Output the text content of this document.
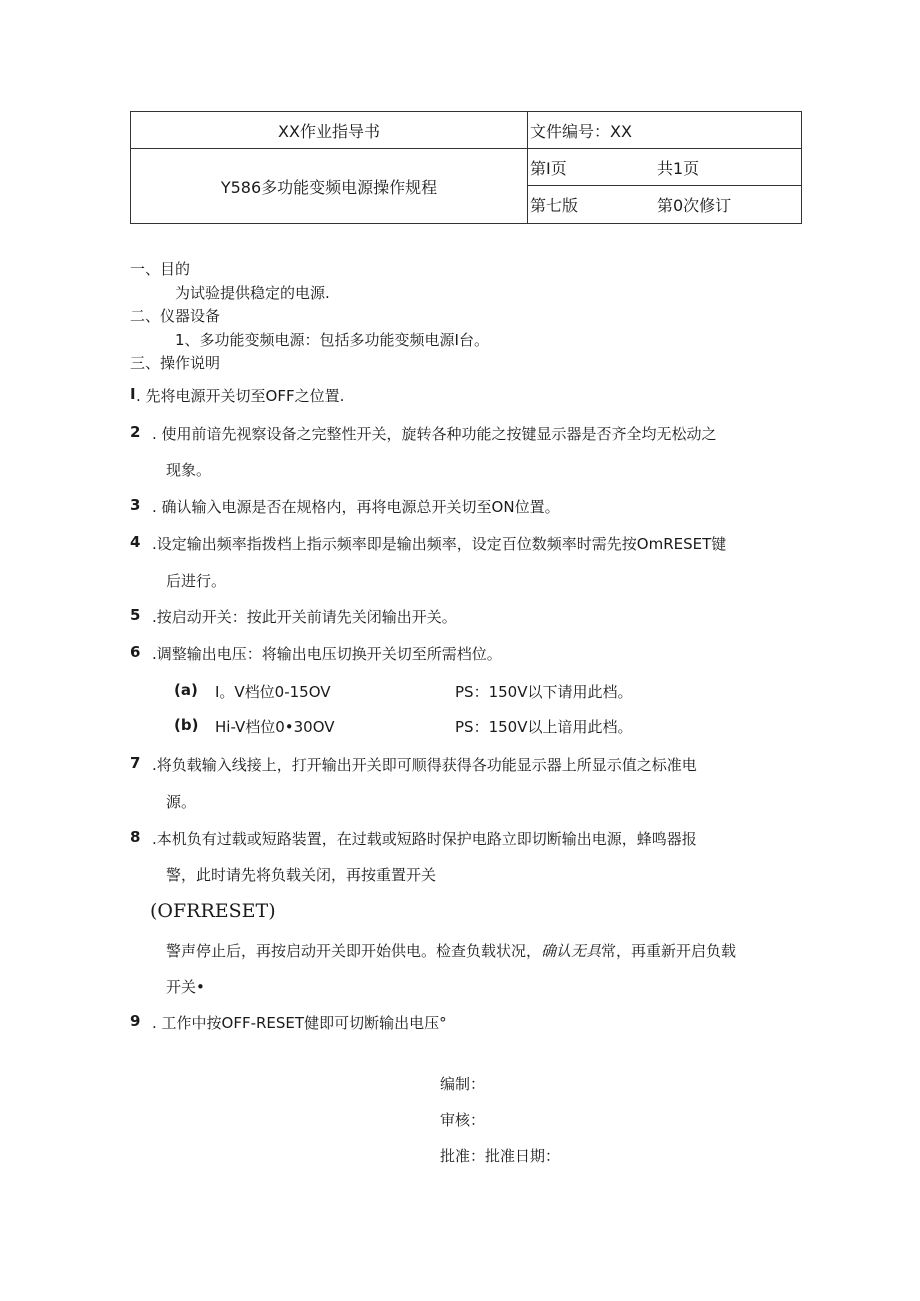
XX作业指导书	文件编号：XX
Y586多功能变频电源操作规程	第I页 共1页

	第七版 第0次修订
一、目的
为试验提供稳定的电源.
二、仪器设备
1、多功能变频电源：包括多功能变频电源I台。
三、操作说明
I . 先将电源开关切至OFF之位置.
2 . 使用前谙先视察设备之完整性开关，旋转各种功能之按键显示器是否齐全均无松动之
现象。
3 . 确认输入电源是否在规格内，再将电源总开关切至ON位置。
4 .设定输出频率指拨档上指示频率即是输出频率，设定百位数频率时需先按OmRESET键
后进行。
5 .按启动开关：按此开关前请先关闭输出开关。
6 .调整输出电压：将输出电压切换开关切至所需档位。
(a) I。V档位0-15OV	PS：150V以下请用此档。
(b) Hi-V档位0•30OV	PS：150V以上谙用此档。
7 .将负载输入线接上，打开输出开关即可顺得获得各功能显示器上所显示值之标准电
源。
8 .本机负有过载或短路装置，在过载或短路时保护电路立即切断输出电源，蜂鸣器报
警，此时请先将负载关闭，再按重置开关
(OFRRESET)
警声停止后，再按启动开关即开始供电。检查负载状况，确认无具常，再重新开启负载
开关•
9 . 工作中按OFF-RESET健即可切断输出电压°
编制：
审核：
批准：批准日期：
